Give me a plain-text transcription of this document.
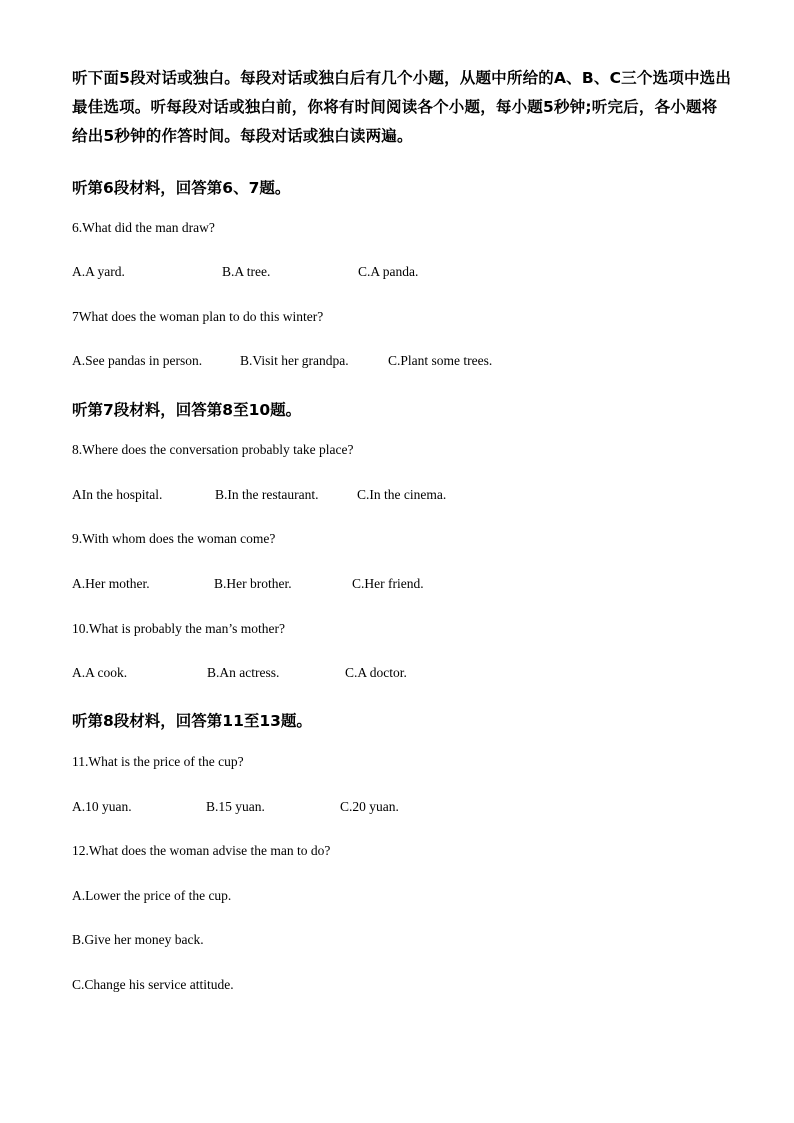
听下面5段对话或独白。每段对话或独白后有几个小题，从题中所给的A、B、C三个选项中选出最佳选项。听每段对话或独白前，你将有时间阅读各个小题，每小题5秒钟;听完后，各小题将给出5秒钟的作答时间。每段对话或独白读两遍。

听第6段材料，回答第6、7题。

6.What did the man draw?

A.A yard.	B.A tree.	C.A panda.

7What does the woman plan to do this winter?

A.See pandas in person.	B.Visit her grandpa.	C.Plant some trees.

听第7段材料，回答第8至10题。

8.Where does the conversation probably take place?

AIn the hospital.	B.In the restaurant.	C.In the cinema.

9.With whom does the woman come?

A.Her mother.	B.Her brother.	C.Her friend.

10.What is probably the man’s mother?

A.A cook.	B.An actress.	C.A doctor.

听第8段材料，回答第11至13题。

11.What is the price of the cup?

A.10 yuan.	B.15 yuan.	C.20 yuan.

12.What does the woman advise the man to do?

A.Lower the price of the cup.

B.Give her money back.

C.Change his service attitude.
